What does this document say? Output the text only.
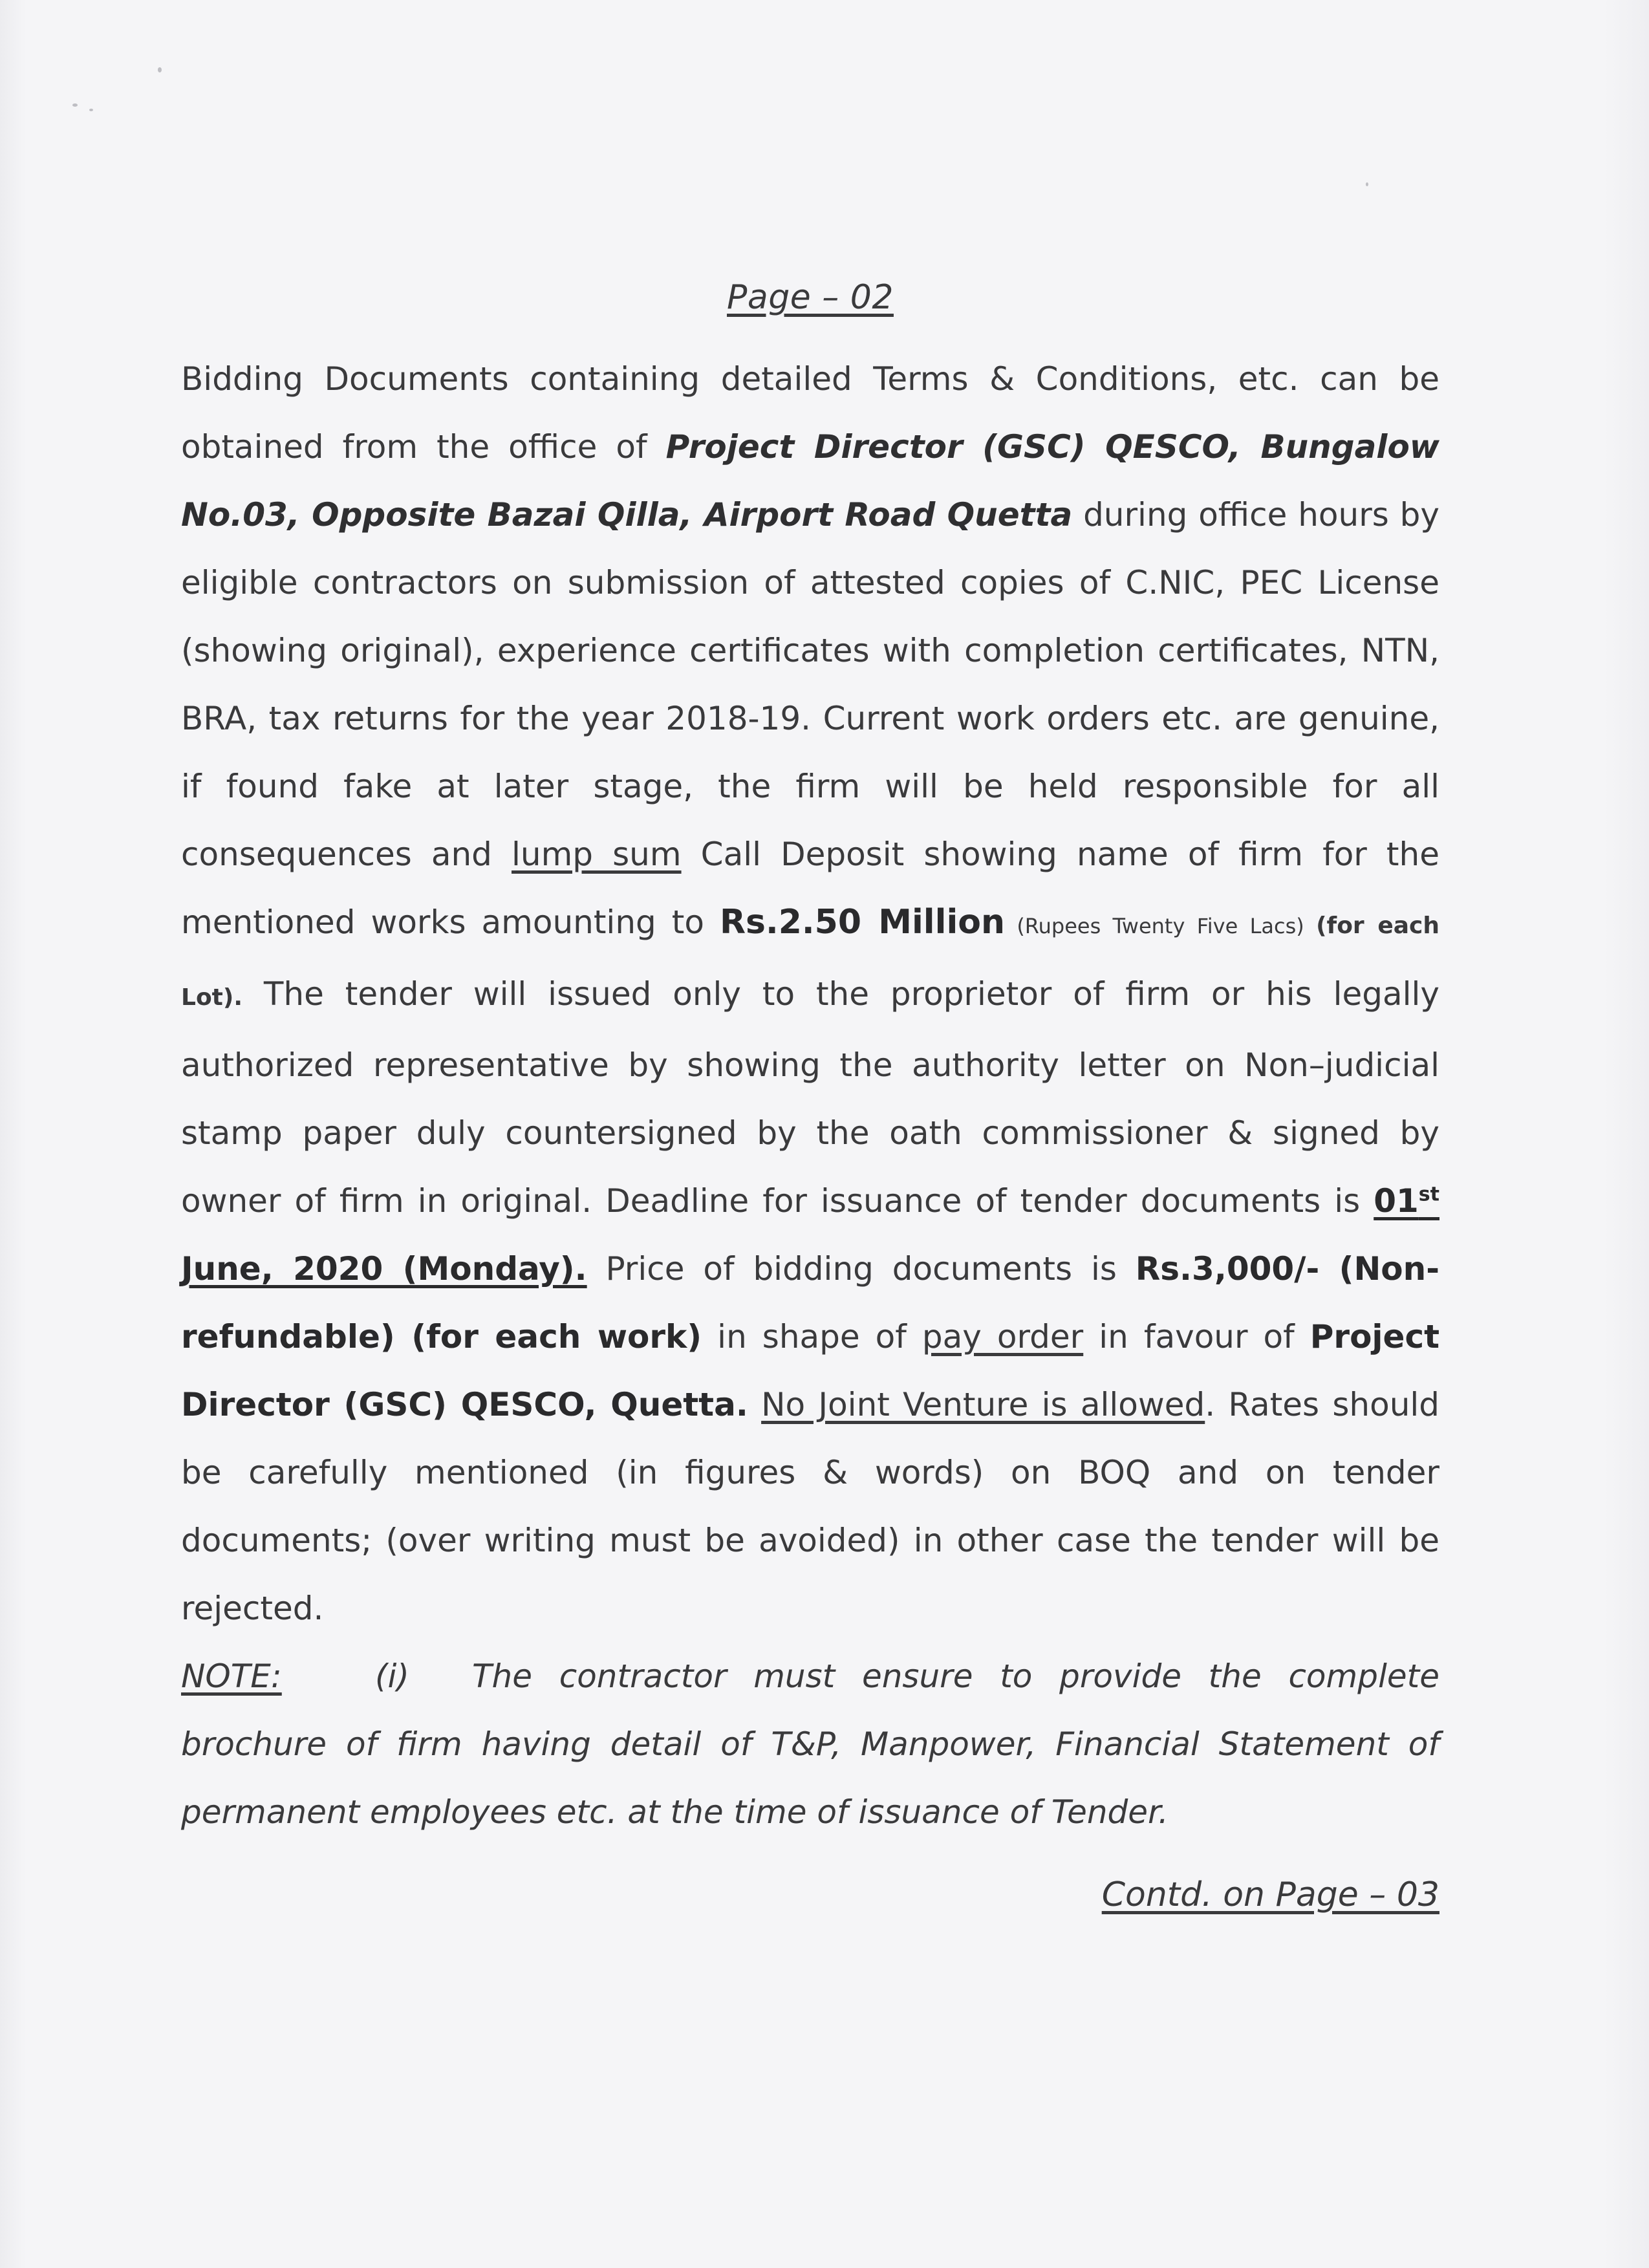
Page – 02

Bidding Documents containing detailed Terms & Conditions, etc. can be obtained from the office of Project Director (GSC) QESCO, Bungalow No.03, Opposite Bazai Qilla, Airport Road Quetta during office hours by eligible contractors on submission of attested copies of C.NIC, PEC License (showing original), experience certificates with completion certificates, NTN, BRA, tax returns for the year 2018-19. Current work orders etc. are genuine, if found fake at later stage, the firm will be held responsible for all consequences and lump sum Call Deposit showing name of firm for the mentioned works amounting to Rs.2.50 Million (Rupees Twenty Five Lacs) (for each Lot). The tender will issued only to the proprietor of firm or his legally authorized representative by showing the authority letter on Non–judicial stamp paper duly countersigned by the oath commissioner & signed by owner of firm in original. Deadline for issuance of tender documents is 01st June, 2020 (Monday). Price of bidding documents is Rs.3,000/- (Non-refundable) (for each work) in shape of pay order in favour of Project Director (GSC) QESCO, Quetta. No Joint Venture is allowed. Rates should be carefully mentioned (in figures & words) on BOQ and on tender documents; (over writing must be avoided) in other case the tender will be rejected.

NOTE:	(i) The contractor must ensure to provide the complete brochure of firm having detail of T&P, Manpower, Financial Statement of permanent employees etc. at the time of issuance of Tender.

Contd. on Page – 03
